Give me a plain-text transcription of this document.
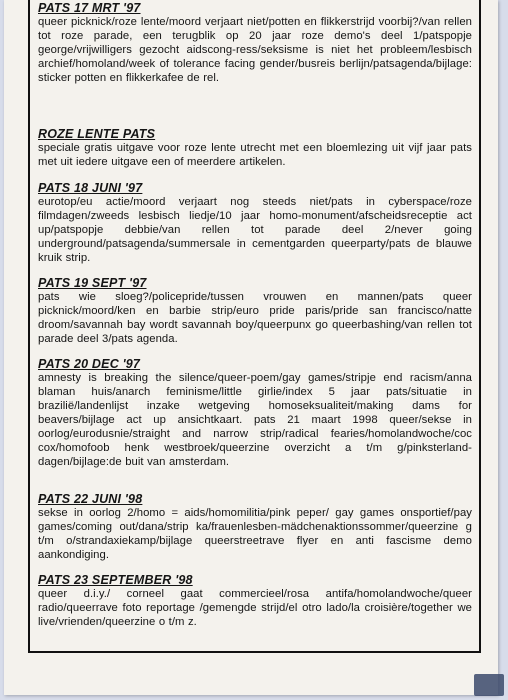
PATS 17 MRT '97

queer picknick/roze lente/moord verjaart niet/potten en flikkerstrijd voorbij?/van rellen tot roze parade, een terugblik op 20 jaar roze demo's deel 1/patspopje george/vrijwilligers gezocht aidscong-ress/seksisme is niet het probleem/lesbisch archief/homoland/week of tolerance facing gender/busreis berlijn/patsagenda/bijlage: sticker potten en flikkerkafee de rel.

ROZE LENTE PATS

speciale gratis uitgave voor roze lente utrecht met een bloemlezing uit vijf jaar pats met uit iedere uitgave een of meerdere artikelen.

PATS 18 JUNI '97

eurotop/eu actie/moord verjaart nog steeds niet/pats in cyberspace/roze filmdagen/zweeds lesbisch liedje/10 jaar homo-monument/afscheidsreceptie act up/patspopje debbie/van rellen tot parade deel 2/never going underground/patsagenda/summersale in cementgarden queerparty/pats de blauwe kruik strip.

PATS 19 SEPT '97

pats wie sloeg?/policepride/tussen vrouwen en mannen/pats queer picknick/moord/ken en barbie strip/euro pride paris/pride san francisco/natte droom/savannah bay wordt savannah boy/queerpunx go queerbashing/van rellen tot parade deel 3/pats agenda.

PATS 20 DEC '97

amnesty is breaking the silence/queer-poem/gay games/stripje end racism/anna blaman huis/anarch feminisme/little girlie/index 5 jaar pats/situatie in brazilië/landenlijst inzake wetgeving homoseksualiteit/making dams for beavers/bijlage act up ansichtkaart. pats 21 maart 1998 queer/sekse in oorlog/eurodusnie/straight and narrow strip/radical fearies/homolandwoche/coc cox/homofoob henk westbroek/queerzine overzicht a t/m g/pinksterland-dagen/bijlage:de buit van amsterdam.

PATS 22 JUNI '98

sekse in oorlog 2/homo = aids/homomilitia/pink peper/ gay games onsportief/pay games/coming out/dana/strip ka/frauenlesben-mädchenaktionssommer/queerzine g t/m o/strandaxiekamp/bijlage queerstreetrave flyer en anti fascisme demo aankondiging.

PATS 23 SEPTEMBER '98

queer d.i.y./ corneel gaat commercieel/rosa antifa/homolandwoche/queer radio/queerrave foto reportage /gemengde strijd/el otro lado/la croisière/together we live/vrienden/queerzine o t/m z.
